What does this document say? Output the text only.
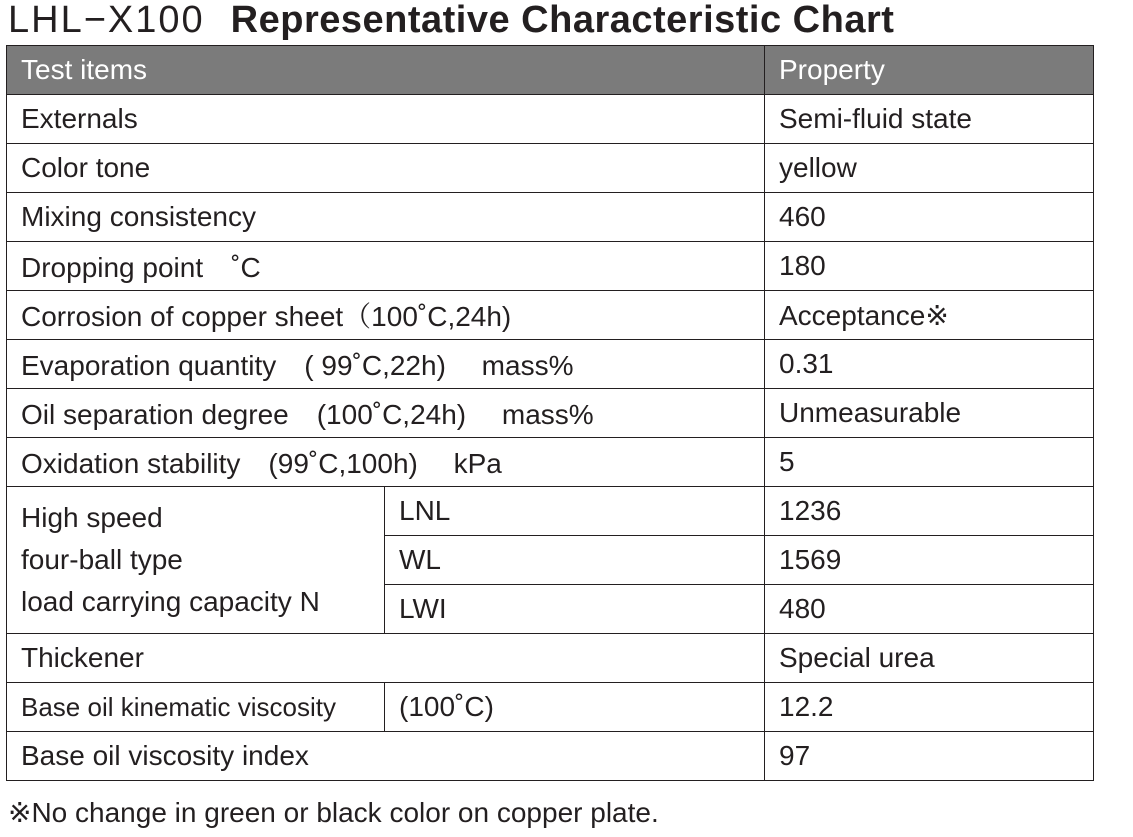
LHL−X100 Representative Characteristic Chart
Test items		Property
Externals		Semi-fluid state
Color tone		yellow
Mixing consistency		460
Dropping point　˚C		180
Corrosion of copper sheet（100˚C,24h)		Acceptance※
Evaporation quantity　( 99˚C,22h)　 mass%		0.31
Oil separation degree　(100˚C,24h)　 mass%		Unmeasurable
Oxidation stability　(99˚C,100h)　 kPa		5

High speed
four-ball type
load carrying capacity N	LNL	1236
	WL	1569
	LWI	480
Thickener		Special urea
Base oil kinematic viscosity	(100˚C)	12.2
Base oil viscosity index		97
※No change in green or black color on copper plate.
